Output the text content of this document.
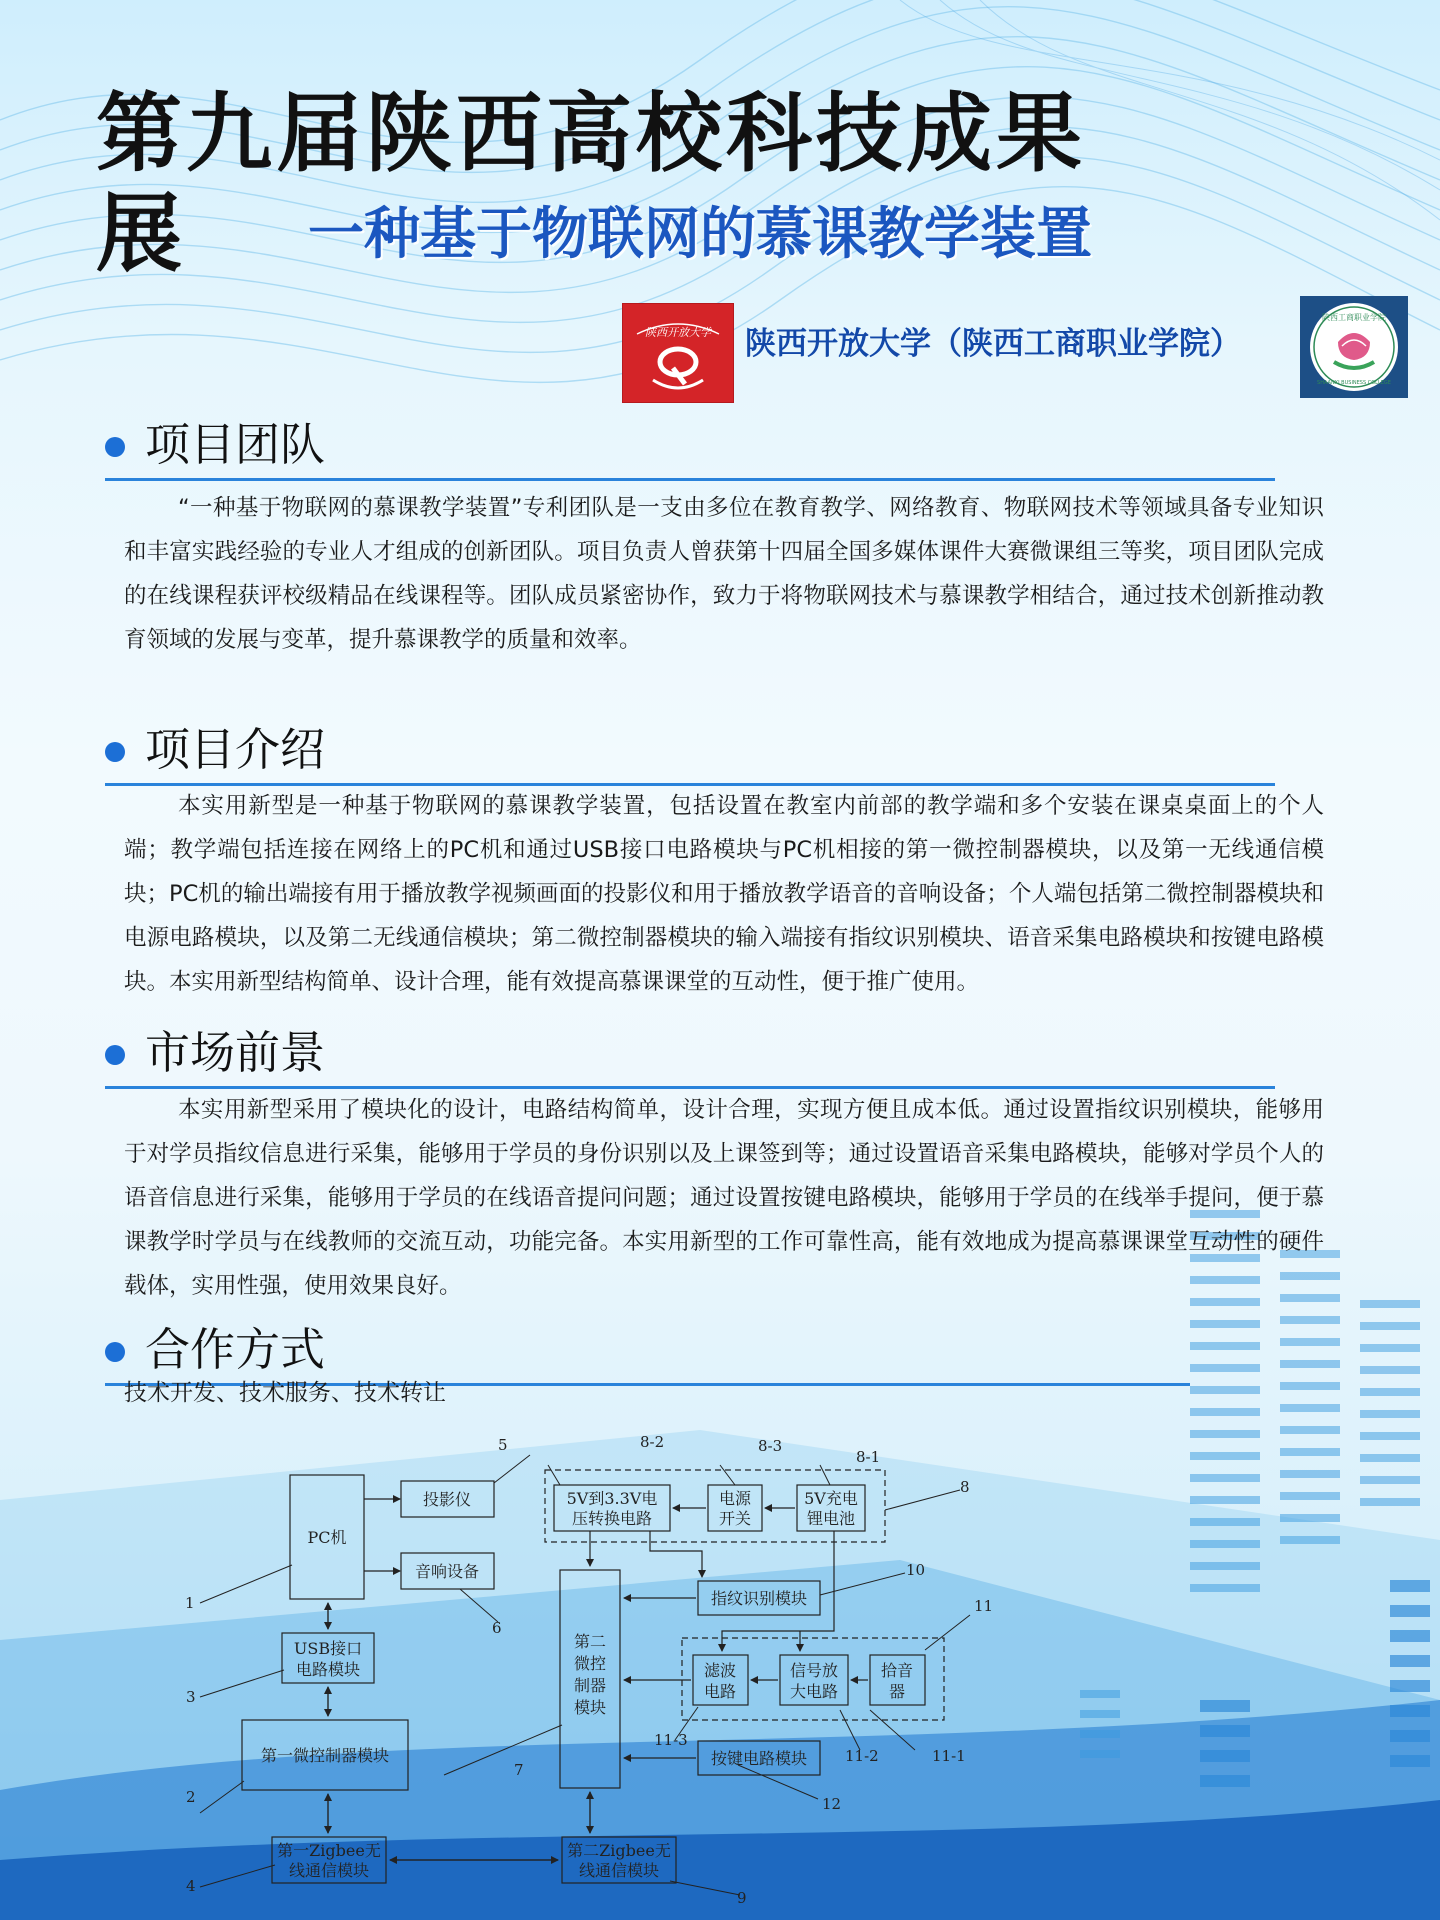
第九届陕西高校科技成果展	一种基于物联网的慕课教学装置
陕西开放大学 陕西开放大学（陕西工商职业学院）
陕西工商职业学院
SHAANXI BUSINESS COLLEGE
项目团队
“一种基于物联网的慕课教学装置”专利团队是一支由多位在教育教学、网络教育、物联网技术等领域具备专业知识和丰富实践经验的专业人才组成的创新团队。项目负责人曾获第十四届全国多媒体课件大赛微课组三等奖，项目团队完成的在线课程获评校级精品在线课程等。团队成员紧密协作，致力于将物联网技术与慕课教学相结合，通过技术创新推动教育领域的发展与变革，提升慕课教学的质量和效率。
项目介绍
本实用新型是一种基于物联网的慕课教学装置，包括设置在教室内前部的教学端和多个安装在课桌桌面上的个人端；教学端包括连接在网络上的PC机和通过USB接口电路模块与PC机相接的第一微控制器模块，以及第一无线通信模块；PC机的输出端接有用于播放教学视频画面的投影仪和用于播放教学语音的音响设备；个人端包括第二微控制器模块和电源电路模块，以及第二无线通信模块；第二微控制器模块的输入端接有指纹识别模块、语音采集电路模块和按键电路模块。本实用新型结构简单、设计合理，能有效提高慕课课堂的互动性，便于推广使用。
市场前景
本实用新型采用了模块化的设计，电路结构简单，设计合理，实现方便且成本低。通过设置指纹识别模块，能够用于对学员指纹信息进行采集，能够用于学员的身份识别以及上课签到等；通过设置语音采集电路模块，能够对学员个人的语音信息进行采集，能够用于学员的在线语音提问问题；通过设置按键电路模块，能够用于学员的在线举手提问，便于慕课教学时学员与在线教师的交流互动，功能完备。本实用新型的工作可靠性高，能有效地成为提高慕课课堂互动性的硬件载体，实用性强，使用效果良好。
合作方式
技术开发、技术服务、技术转让
PC机
投影仪
音响设备
USB接口
电路模块
第一微控制器模块
第一Zigbee无
线通信模块
第二Zigbee无
线通信模块
第二
微控
制器
模块
5V到3.3V电
压转换电路
电源
开关
5V充电
锂电池
指纹识别模块
滤波
电路
信号放
大电路
拾音
器
按键电路模块
1
2
3
4
5
6
7
8
9
10
11
12
8-1
8-2	8-3
11-1
11-2
11-3
